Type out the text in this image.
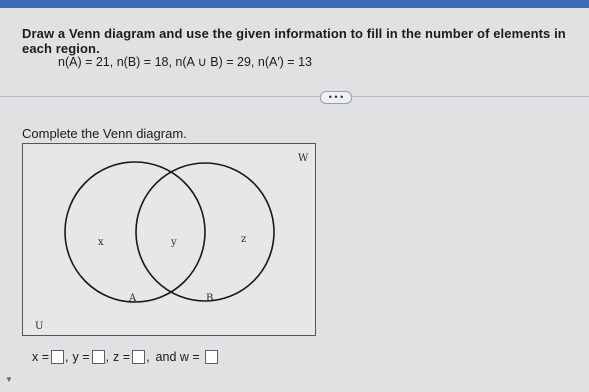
Draw a Venn diagram and use the given information to fill in the number of elements in each region.
n(A) = 21, n(B) = 18, n(A ∪ B) = 29, n(A′) = 13
• • •
Complete the Venn diagram.
W
x	y	z
A	B
U
x = , y = , z = , and w =
▼
